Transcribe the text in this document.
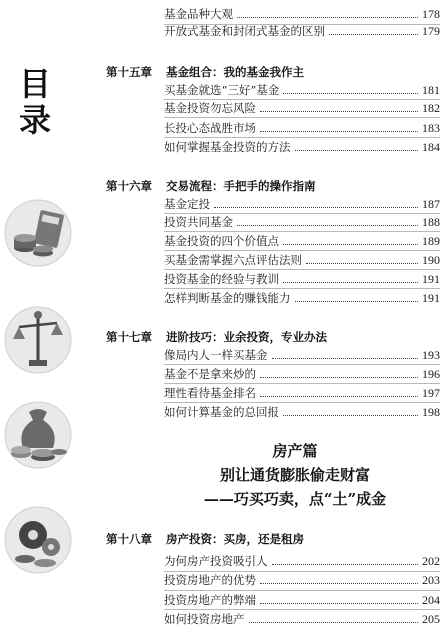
目
录
基金品种大观	178
开放式基金和封闭式基金的区别	179
第十五章	基金组合：我的基金我作主
买基金就选“三好”基金	181
基金投资勿忘风险	182
长投心态战胜市场	183
如何掌握基金投资的方法	184
第十六章	交易流程：手把手的操作指南
基金定投	187
投资共同基金	188
基金投资的四个价值点	189
买基金需掌握六点评估法则	190
投资基金的经验与教训	191
怎样判断基金的赚钱能力	191
第十七章	进阶技巧：业余投资，专业办法
像局内人一样买基金	193
基金不是拿来炒的	196
理性看待基金排名	197
如何计算基金的总回报	198
房产篇
别让通货膨胀偷走财富
——巧买巧卖，点“土”成金
第十八章	房产投资：买房，还是租房
为何房产投资吸引人	202
投资房地产的优势	203
投资房地产的弊端	204
如何投资房地产	205
